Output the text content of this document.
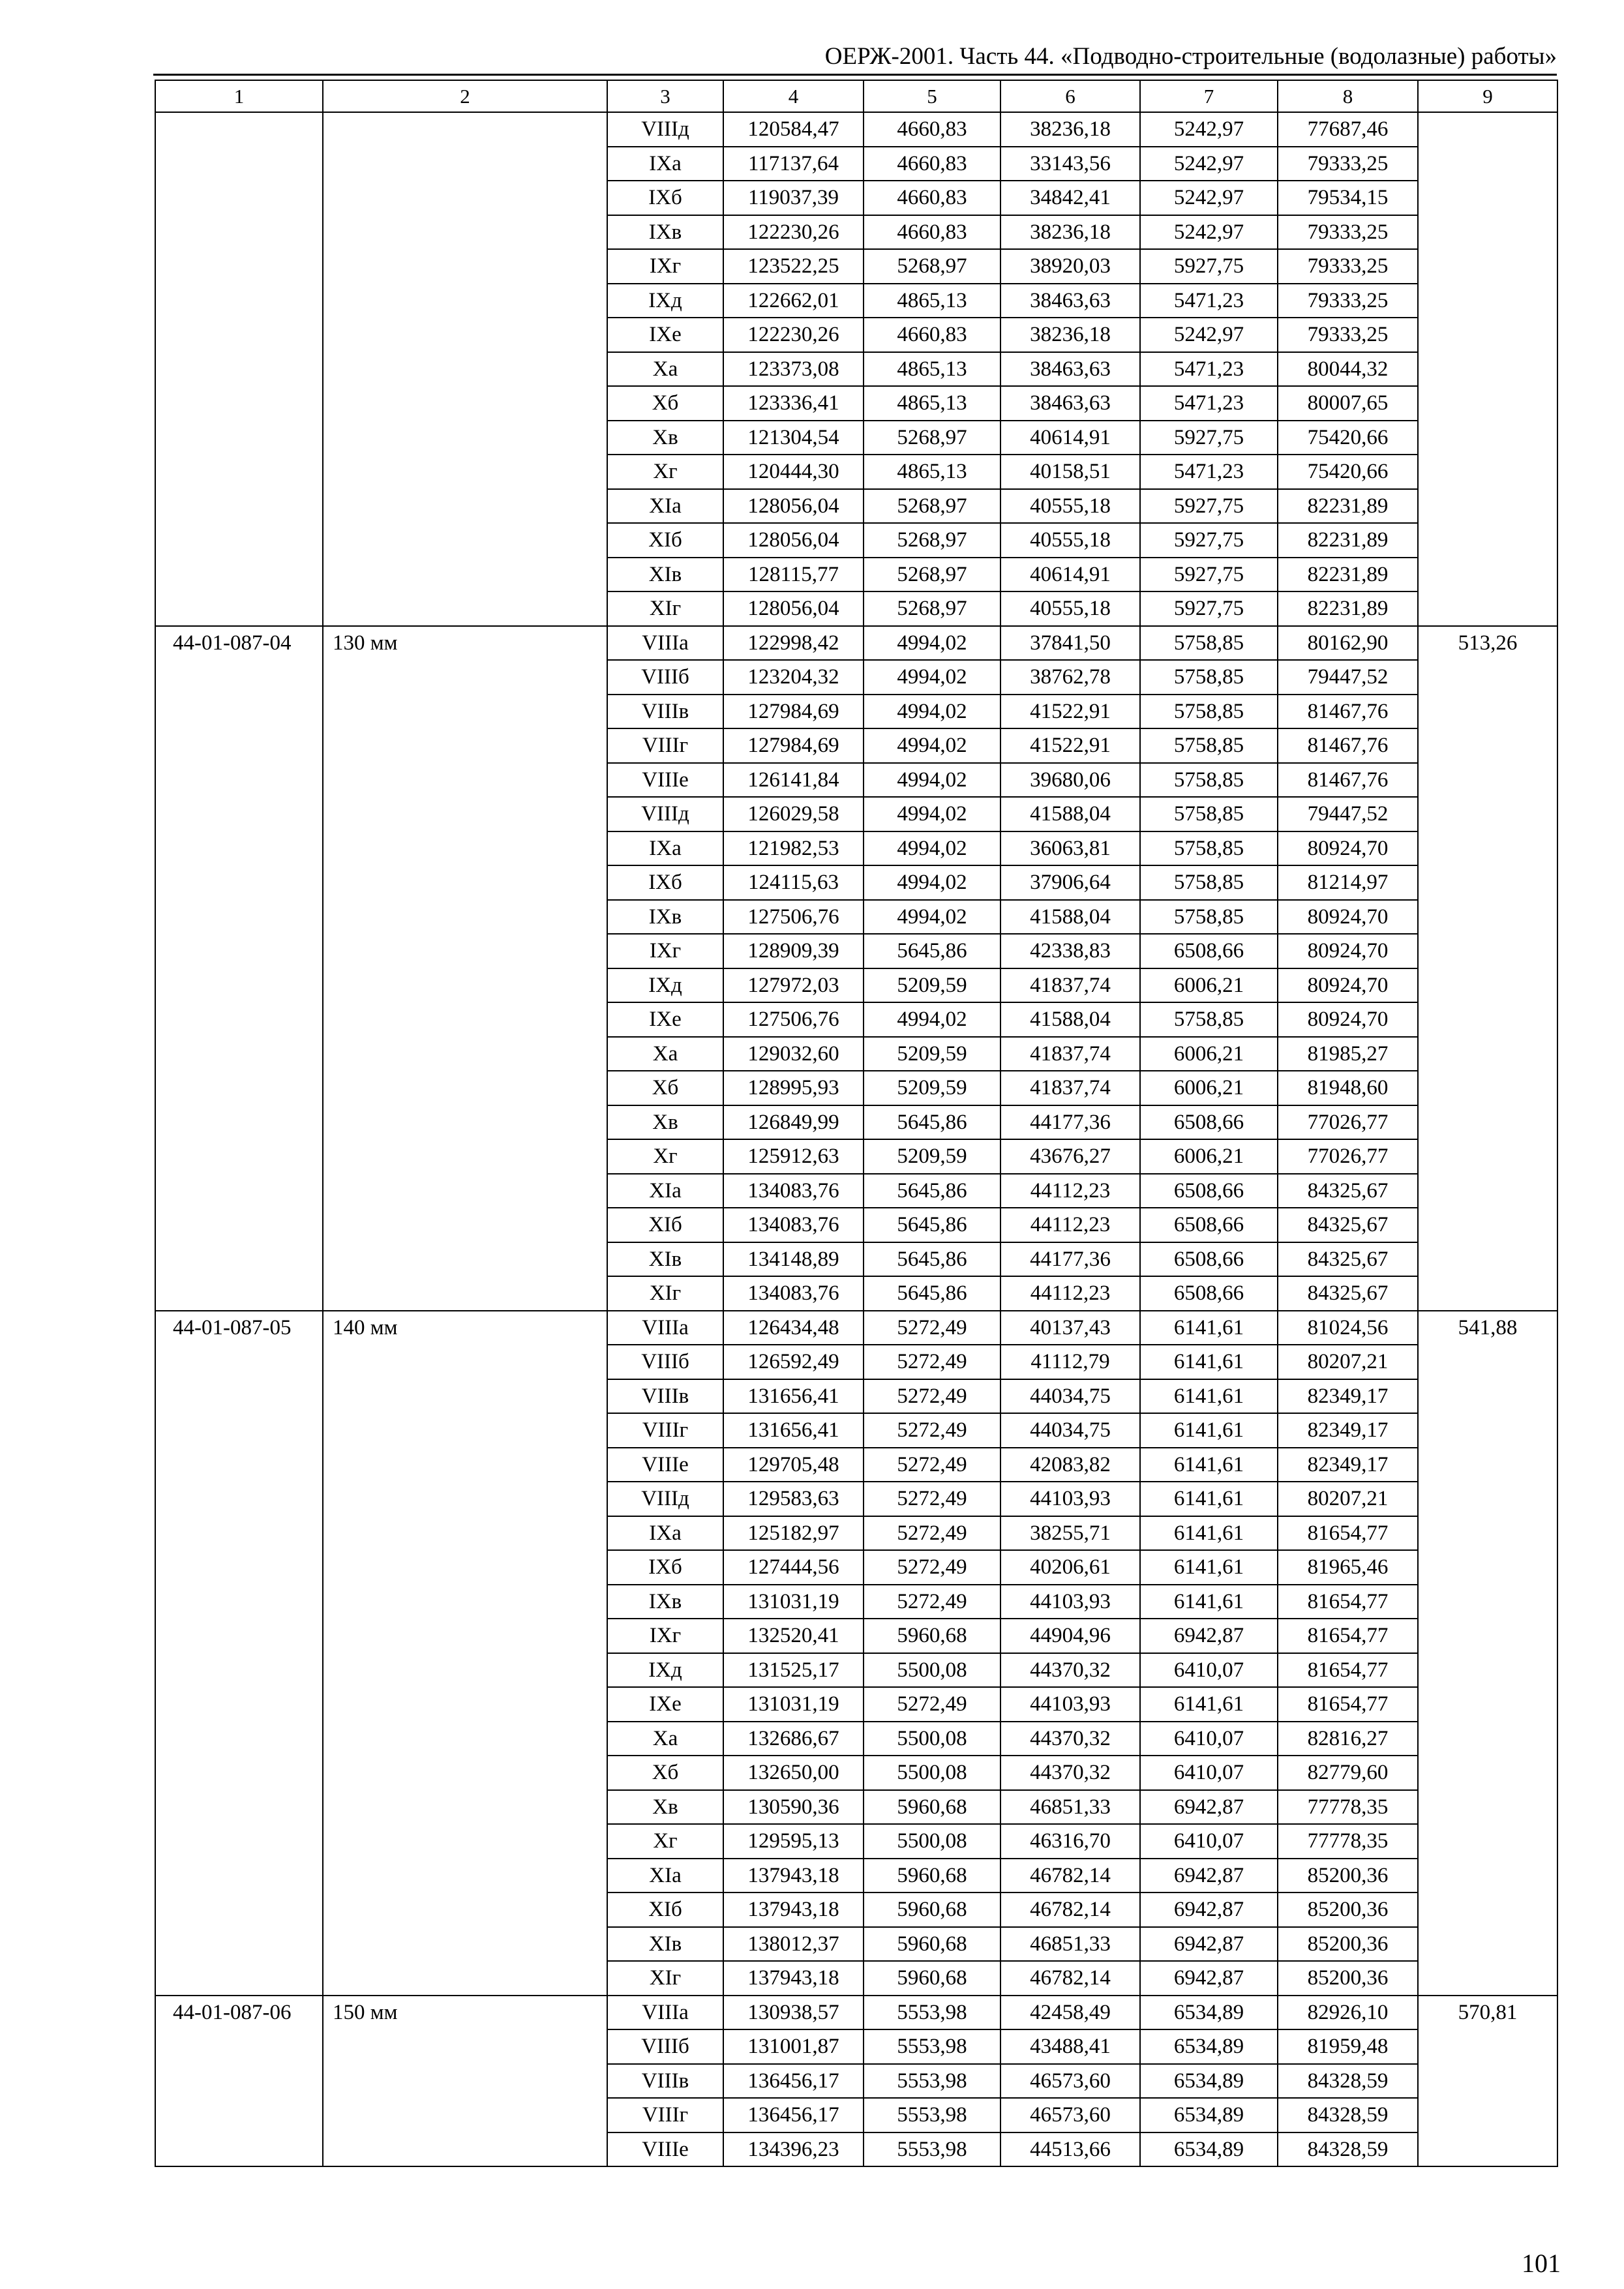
ОЕРЖ-2001. Часть 44. «Подводно-строительные (водолазные) работы»
1	2	3	4	5	6	7	8	9
		VIIIд	120584,47	4660,83	38236,18	5242,97	77687,46	
		IXа	117137,64	4660,83	33143,56	5242,97	79333,25	
		IXб	119037,39	4660,83	34842,41	5242,97	79534,15	
		IXв	122230,26	4660,83	38236,18	5242,97	79333,25	
		IXг	123522,25	5268,97	38920,03	5927,75	79333,25	
		IXд	122662,01	4865,13	38463,63	5471,23	79333,25	
		IXе	122230,26	4660,83	38236,18	5242,97	79333,25	
		Xа	123373,08	4865,13	38463,63	5471,23	80044,32	
		Xб	123336,41	4865,13	38463,63	5471,23	80007,65	
		Xв	121304,54	5268,97	40614,91	5927,75	75420,66	
		Xг	120444,30	4865,13	40158,51	5471,23	75420,66	
		XIа	128056,04	5268,97	40555,18	5927,75	82231,89	
		XIб	128056,04	5268,97	40555,18	5927,75	82231,89	
		XIв	128115,77	5268,97	40614,91	5927,75	82231,89	
		XIг	128056,04	5268,97	40555,18	5927,75	82231,89	
44-01-087-04	130 мм	VIIIа	122998,42	4994,02	37841,50	5758,85	80162,90	513,26
		VIIIб	123204,32	4994,02	38762,78	5758,85	79447,52	
		VIIIв	127984,69	4994,02	41522,91	5758,85	81467,76	
		VIIIг	127984,69	4994,02	41522,91	5758,85	81467,76	
		VIIIе	126141,84	4994,02	39680,06	5758,85	81467,76	
		VIIIд	126029,58	4994,02	41588,04	5758,85	79447,52	
		IXа	121982,53	4994,02	36063,81	5758,85	80924,70	
		IXб	124115,63	4994,02	37906,64	5758,85	81214,97	
		IXв	127506,76	4994,02	41588,04	5758,85	80924,70	
		IXг	128909,39	5645,86	42338,83	6508,66	80924,70	
		IXд	127972,03	5209,59	41837,74	6006,21	80924,70	
		IXе	127506,76	4994,02	41588,04	5758,85	80924,70	
		Xа	129032,60	5209,59	41837,74	6006,21	81985,27	
		Xб	128995,93	5209,59	41837,74	6006,21	81948,60	
		Xв	126849,99	5645,86	44177,36	6508,66	77026,77	
		Xг	125912,63	5209,59	43676,27	6006,21	77026,77	
		XIа	134083,76	5645,86	44112,23	6508,66	84325,67	
		XIб	134083,76	5645,86	44112,23	6508,66	84325,67	
		XIв	134148,89	5645,86	44177,36	6508,66	84325,67	
		XIг	134083,76	5645,86	44112,23	6508,66	84325,67	
44-01-087-05	140 мм	VIIIа	126434,48	5272,49	40137,43	6141,61	81024,56	541,88
		VIIIб	126592,49	5272,49	41112,79	6141,61	80207,21	
		VIIIв	131656,41	5272,49	44034,75	6141,61	82349,17	
		VIIIг	131656,41	5272,49	44034,75	6141,61	82349,17	
		VIIIе	129705,48	5272,49	42083,82	6141,61	82349,17	
		VIIIд	129583,63	5272,49	44103,93	6141,61	80207,21	
		IXа	125182,97	5272,49	38255,71	6141,61	81654,77	
		IXб	127444,56	5272,49	40206,61	6141,61	81965,46	
		IXв	131031,19	5272,49	44103,93	6141,61	81654,77	
		IXг	132520,41	5960,68	44904,96	6942,87	81654,77	
		IXд	131525,17	5500,08	44370,32	6410,07	81654,77	
		IXе	131031,19	5272,49	44103,93	6141,61	81654,77	
		Xа	132686,67	5500,08	44370,32	6410,07	82816,27	
		Xб	132650,00	5500,08	44370,32	6410,07	82779,60	
		Xв	130590,36	5960,68	46851,33	6942,87	77778,35	
		Xг	129595,13	5500,08	46316,70	6410,07	77778,35	
		XIа	137943,18	5960,68	46782,14	6942,87	85200,36	
		XIб	137943,18	5960,68	46782,14	6942,87	85200,36	
		XIв	138012,37	5960,68	46851,33	6942,87	85200,36	
		XIг	137943,18	5960,68	46782,14	6942,87	85200,36	
44-01-087-06	150 мм	VIIIа	130938,57	5553,98	42458,49	6534,89	82926,10	570,81
		VIIIб	131001,87	5553,98	43488,41	6534,89	81959,48	
		VIIIв	136456,17	5553,98	46573,60	6534,89	84328,59	
		VIIIг	136456,17	5553,98	46573,60	6534,89	84328,59	
		VIIIе	134396,23	5553,98	44513,66	6534,89	84328,59	
101
